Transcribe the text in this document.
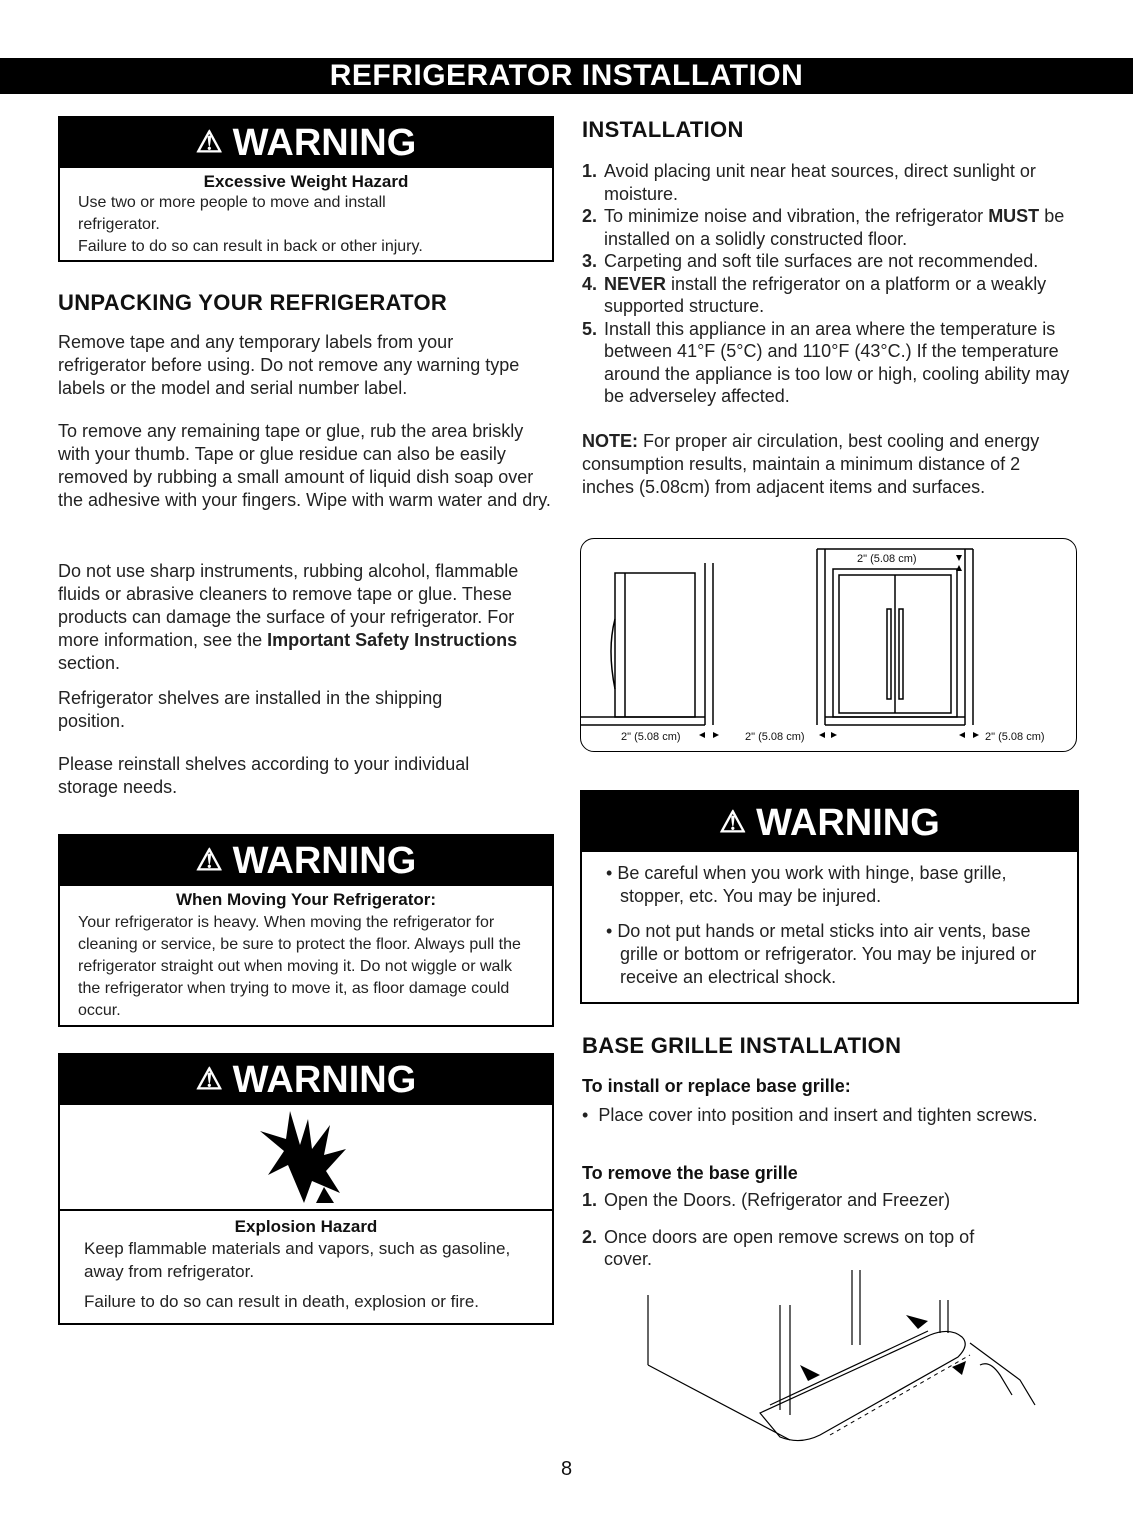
REFRIGERATOR INSTALLATION
⚠ WARNING
Excessive Weight Hazard
Use two or more people to move and install
refrigerator.
Failure to do so can result in back or other injury.
UNPACKING YOUR REFRIGERATOR

Remove tape and any temporary labels from your refrigerator before using. Do not remove any warning type labels or the model and serial number label.

To remove any remaining tape or glue, rub the area briskly with your thumb. Tape or glue residue can also be easily removed by rubbing a small amount of liquid dish soap over the adhesive with your fingers. Wipe with warm water and dry.

Do not use sharp instruments, rubbing alcohol, flammable fluids or abrasive cleaners to remove tape or glue. These products can damage the surface of your refrigerator. For more information, see the Important Safety Instructions section.

Refrigerator shelves are installed in the shipping position.

Please reinstall shelves according to your individual storage needs.

⚠ WARNING
When Moving Your Refrigerator:
Your refrigerator is heavy. When moving the refrigerator for cleaning or service, be sure to protect the floor. Always pull the refrigerator straight out when moving it. Do not wiggle or walk the refrigerator when trying to move it, as floor damage could occur.
⚠ WARNING
Explosion Hazard
Keep flammable materials and vapors, such as gasoline, away from refrigerator.
Failure to do so can result in death, explosion or fire.
INSTALLATION
1. Avoid placing unit near heat sources, direct sunlight or moisture.
2. To minimize noise and vibration, the refrigerator MUST be installed on a solidly constructed floor.
3. Carpeting and soft tile surfaces are not recommended.
4. NEVER install the refrigerator on a platform or a weakly supported structure.
5. Install this appliance in an area where the temperature is between 41°F (5°C) and 110°F (43°C.) If the temperature around the appliance is too low or high, cooling ability may be adverseley affected.

NOTE: For proper air circulation, best cooling and energy consumption results, maintain a minimum distance of 2 inches (5.08cm) from adjacent items and surfaces.

2" (5.08 cm)	2" (5.08 cm)	2" (5.08 cm)
2" (5.08 cm)
⚠ WARNING
• Be careful when you work with hinge, base grille, stopper, etc. You may be injured.
• Do not put hands or metal sticks into air vents, base grille or bottom or refrigerator. You may be injured or receive an electrical shock.
BASE GRILLE INSTALLATION
To install or replace base grille:

•  Place cover into position and insert and tighten screws.

To remove the base grille
1. Open the Doors. (Refrigerator and Freezer)
2. Once doors are open remove screws on top of cover.
8
